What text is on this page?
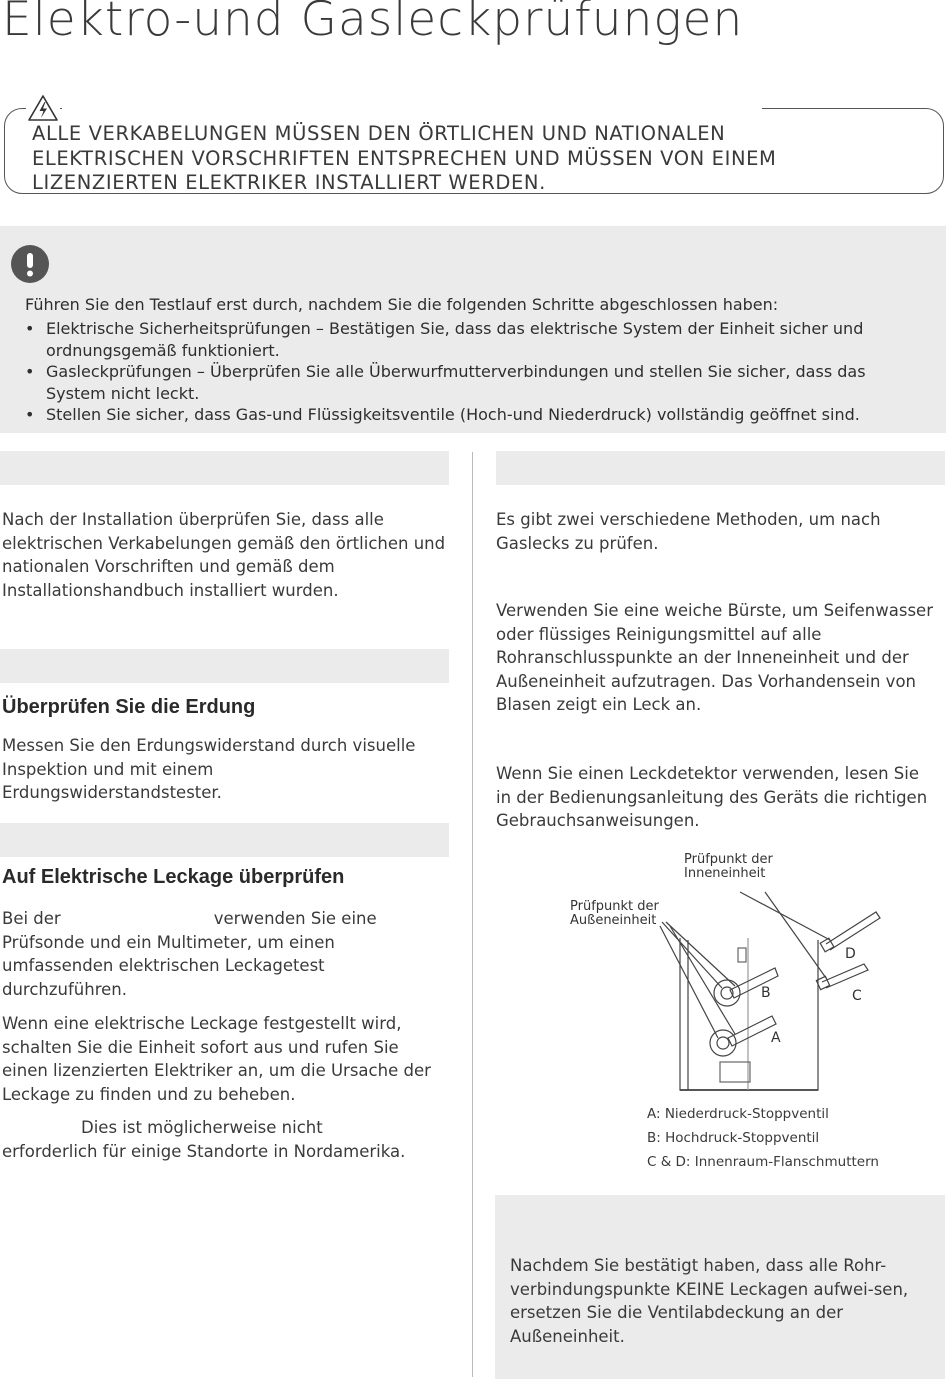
Elektro-und Gasleckprüfungen
ALLE VERKABELUNGEN MÜSSEN DEN ÖRTLICHEN UND NATIONALEN
ELEKTRISCHEN VORSCHRIFTEN ENTSPRECHEN UND MÜSSEN VON EINEM
LIZENZIERTEN ELEKTRIKER INSTALLIERT WERDEN.
Führen Sie den Testlauf erst durch, nachdem Sie die folgenden Schritte abgeschlossen haben:
• Elektrische Sicherheitsprüfungen – Bestätigen Sie, dass das elektrische System der Einheit sicher und ordnungsgemäß funktioniert.
• Gasleckprüfungen – Überprüfen Sie alle Überwurfmutterverbindungen und stellen Sie sicher, dass das System nicht leckt.
• Stellen Sie sicher, dass Gas-und Flüssigkeitsventile (Hoch-und Niederdruck) vollständig geöffnet sind.
Nach der Installation überprüfen Sie, dass alle elektrischen Verkabelungen gemäß den örtlichen und nationalen Vorschriften und gemäß dem Installationshandbuch installiert wurden.
Überprüfen Sie die Erdung
Messen Sie den Erdungswiderstand durch visuelle Inspektion und mit einem Erdungswiderstandstester.
Auf Elektrische Leckage überprüfen
Bei der	verwenden Sie eine Prüfsonde und ein Multimeter, um einen umfassenden elektrischen Leckagetest durchzuführen.
Wenn eine elektrische Leckage festgestellt wird, schalten Sie die Einheit sofort aus und rufen Sie einen lizenzierten Elektriker an, um die Ursache der Leckage zu finden und zu beheben.
Dies ist möglicherweise nicht
erforderlich für einige Standorte in Nordamerika.
Es gibt zwei verschiedene Methoden, um nach Gaslecks zu prüfen.
Verwenden Sie eine weiche Bürste, um Seifenwasser oder flüssiges Reinigungsmittel auf alle Rohranschlusspunkte an der Inneneinheit und der Außeneinheit aufzutragen. Das Vorhandensein von Blasen zeigt ein Leck an.
Wenn Sie einen Leckdetektor verwenden, lesen Sie in der Bedienungsanleitung des Geräts die richtigen Gebrauchsanweisungen.
Prüfpunkt der
Inneneinheit
Prüfpunkt der
Außeneinheit
A
B	C
D
A: Niederdruck-Stoppventil
B: Hochdruck-Stoppventil
C & D: Innenraum-Flanschmuttern
Nachdem Sie bestätigt haben, dass alle Rohr-verbindungspunkte KEINE Leckagen aufwei-sen, ersetzen Sie die Ventilabdeckung an der Außeneinheit.
